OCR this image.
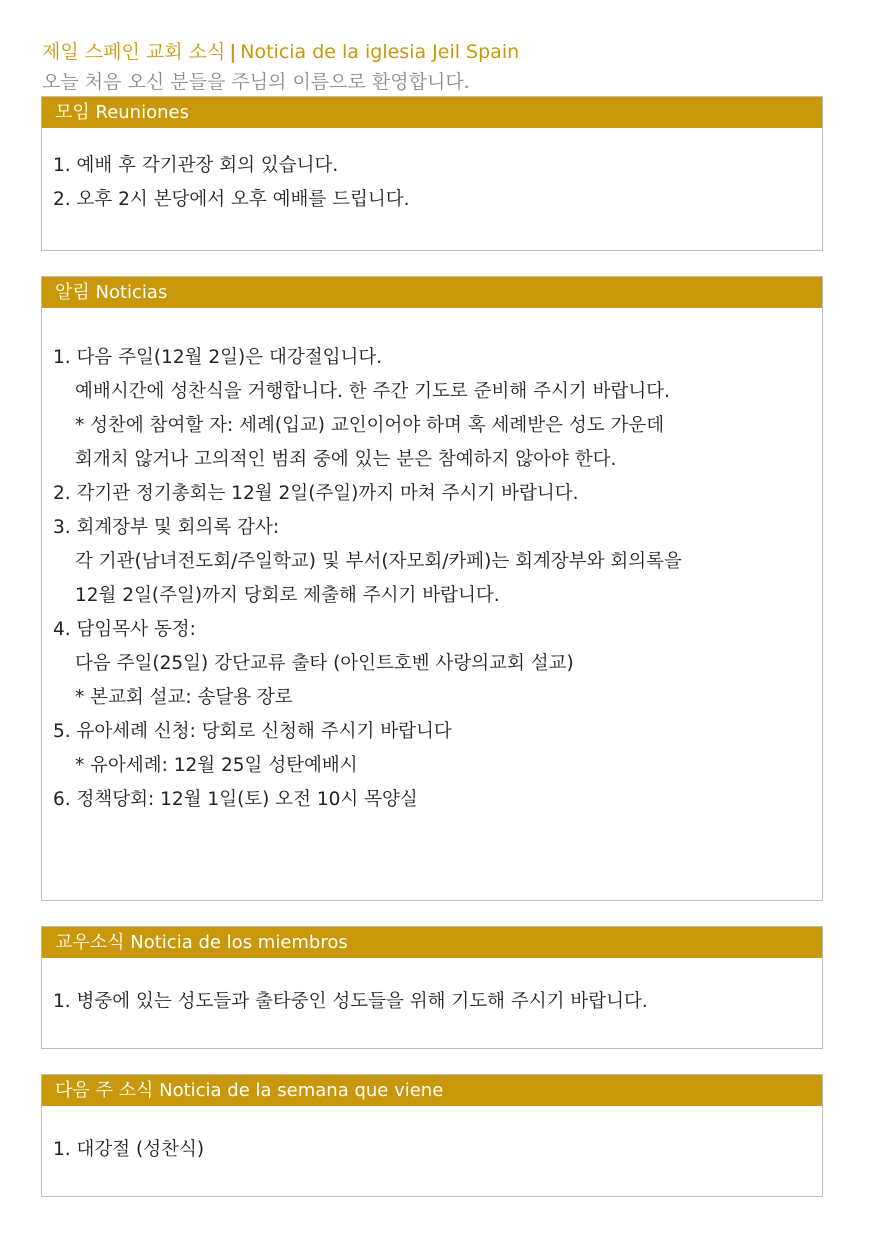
제일 스페인 교회 소식 | Noticia de la iglesia Jeil Spain
오늘 처음 오신 분들을 주님의 이름으로 환영합니다.
모임 Reuniones
1. 예배 후 각기관장 회의 있습니다.
2. 오후 2시 본당에서 오후 예배를 드립니다.
알림 Noticias
1. 다음 주일(12월 2일)은 대강절입니다.
예배시간에 성찬식을 거행합니다. 한 주간 기도로 준비해 주시기 바랍니다.
* 성찬에 참여할 자: 세례(입교) 교인이어야 하며 혹 세례받은 성도 가운데
회개치 않거나 고의적인 범죄 중에 있는 분은 참예하지 않아야 한다.
2. 각기관 정기총회는 12월 2일(주일)까지 마쳐 주시기 바랍니다.
3. 회계장부 및 회의록 감사:
각 기관(남녀전도회/주일학교) 및 부서(자모회/카페)는 회계장부와 회의록을
12월 2일(주일)까지 당회로 제출해 주시기 바랍니다.
4. 담임목사 동정:
다음 주일(25일) 강단교류 출타 (아인트호벤 사랑의교회 설교)
* 본교회 설교: 송달용 장로
5. 유아세례 신청: 당회로 신청해 주시기 바랍니다
* 유아세례: 12월 25일 성탄예배시
6. 정책당회: 12월 1일(토) 오전 10시 목양실
교우소식 Noticia de los miembros
1. 병중에 있는 성도들과 출타중인 성도들을 위해 기도해 주시기 바랍니다.
다음 주 소식 Noticia de la semana que viene
1. 대강절 (성찬식)
